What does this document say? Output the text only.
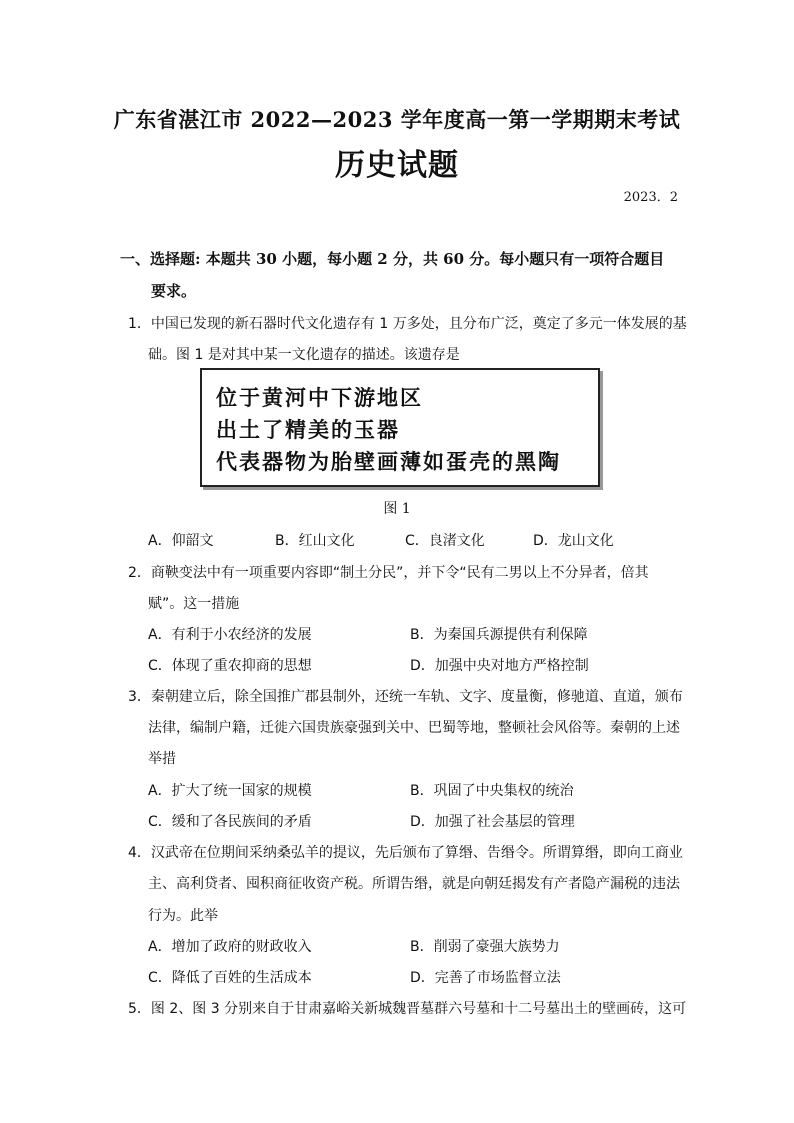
广东省湛江市 2022—2023 学年度高一第一学期期末考试
历史试题
2023．2
一、选择题: 本题共 30 小题，每小题 2 分，共 60 分。每小题只有一项符合题目
要求。
1．中国已发现的新石器时代文化遗存有 1 万多处，且分布广泛，奠定了多元一体发展的基
础。图 1 是对其中某一文化遗存的描述。该遗存是
位于黄河中下游地区
出土了精美的玉器
代表器物为胎壁画薄如蛋壳的黑陶
图 1
A．仰韶文	B．红山文化	C．良渚文化	D．龙山文化
2．商鞅变法中有一项重要内容即“制土分民”，并下令“民有二男以上不分异者，倍其
赋”。这一措施
A．有利于小农经济的发展	B．为秦国兵源提供有利保障
C．体现了重农抑商的思想	D．加强中央对地方严格控制
3．秦朝建立后，除全国推广郡县制外，还统一车轨、文字、度量衡，修驰道、直道，颁布
法律，编制户籍，迁徙六国贵族豪强到关中、巴蜀等地，整顿社会风俗等。秦朝的上述
举措
A．扩大了统一国家的规模	B．巩固了中央集权的统治
C．缓和了各民族间的矛盾	D．加强了社会基层的管理
4．汉武帝在位期间采纳桑弘羊的提议，先后颁布了算缗、告缗令。所谓算缗，即向工商业
主、高利贷者、囤积商征收资产税。所谓告缗，就是向朝廷揭发有产者隐产漏税的违法
行为。此举
A．增加了政府的财政收入	B．削弱了豪强大族势力
C．降低了百姓的生活成本	D．完善了市场监督立法
5．图 2、图 3 分别来自于甘肃嘉峪关新城魏晋墓群六号墓和十二号墓出土的壁画砖，这可
